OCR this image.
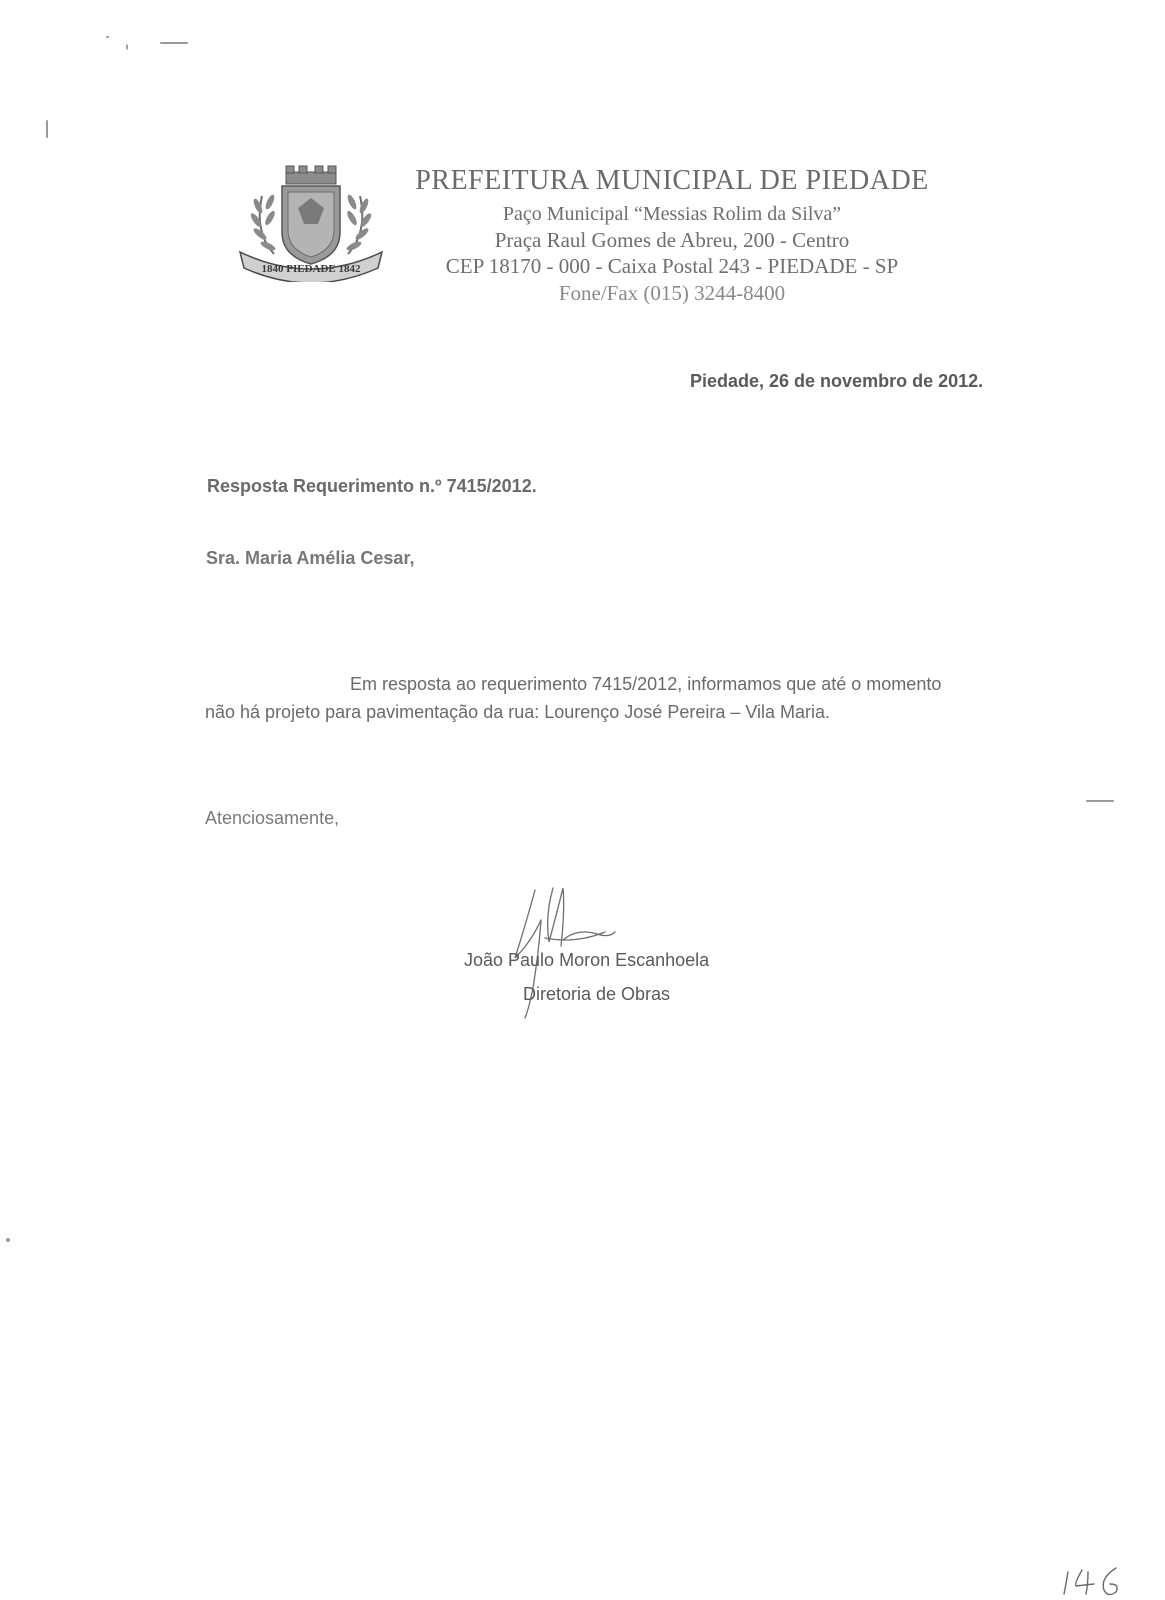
1840 PIEDADE 1842
PREFEITURA MUNICIPAL DE PIEDADE
Paço Municipal “Messias Rolim da Silva”
Praça Raul Gomes de Abreu, 200 - Centro
CEP 18170 - 000 - Caixa Postal 243 - PIEDADE - SP
Fone/Fax (015) 3244-8400
Piedade, 26 de novembro de 2012.
Resposta Requerimento n.º 7415/2012.
Sra. Maria Amélia Cesar,
Em resposta ao requerimento 7415/2012, informamos que até o momento
não há projeto para pavimentação da rua: Lourenço José Pereira – Vila Maria.
Atenciosamente,
João Paulo Moron Escanhoela
Diretoria de Obras
